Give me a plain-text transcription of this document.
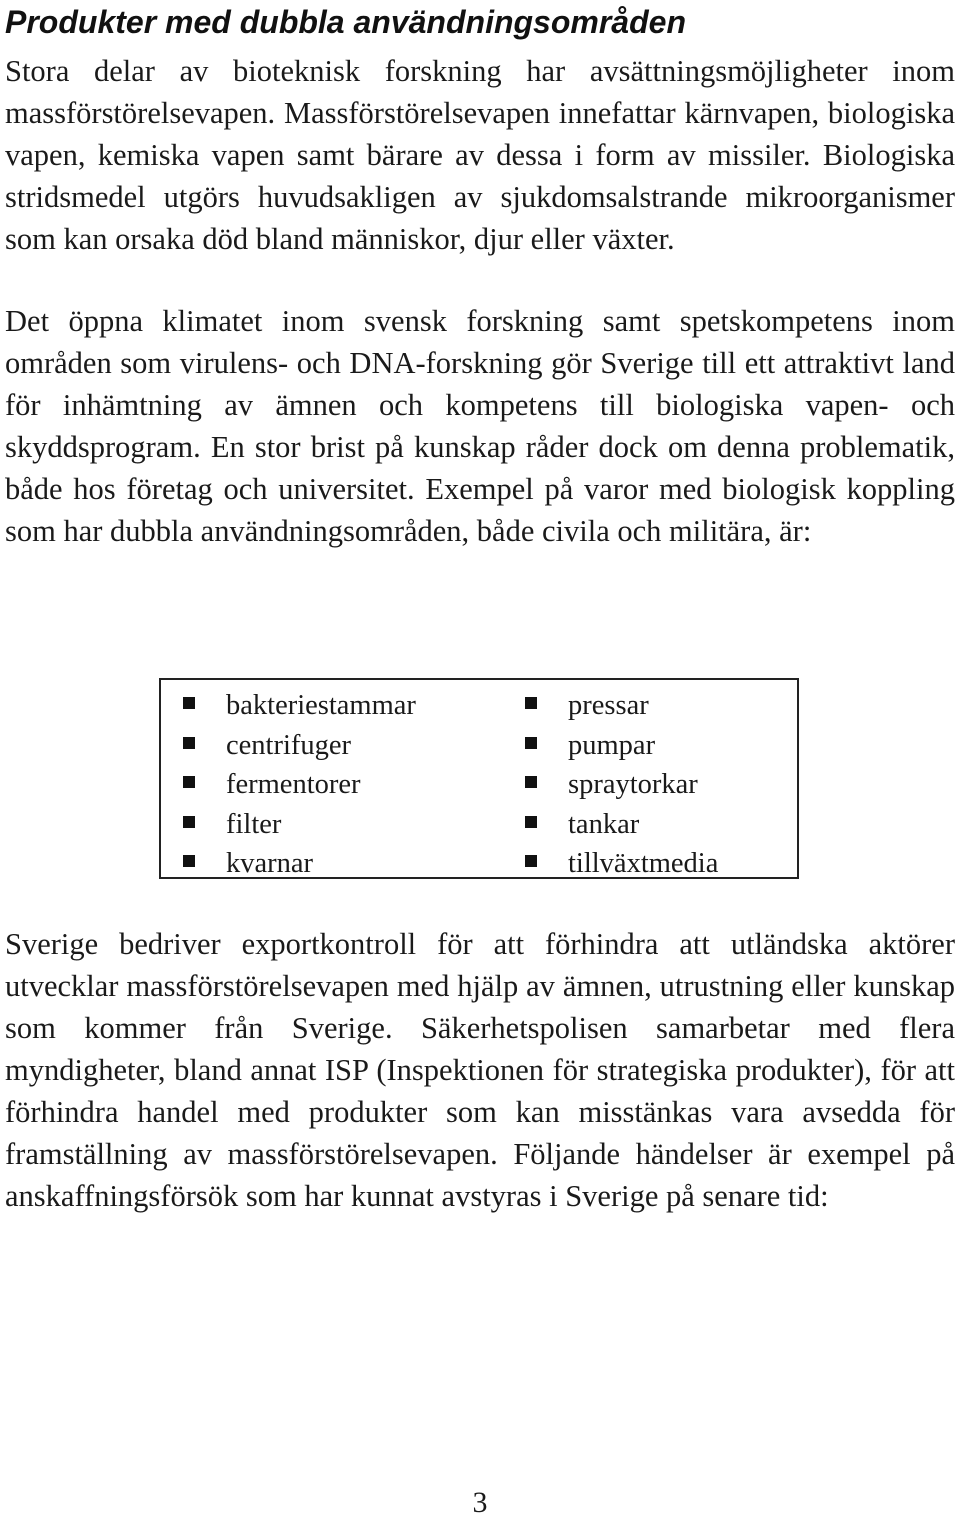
Produkter med dubbla användningsområden

Stora delar av bioteknisk forskning har avsättningsmöjligheter inom massförstörelsevapen. Massförstörelsevapen innefattar kärnvapen, biologiska vapen, kemiska vapen samt bärare av dessa i form av missiler. Biologiska stridsmedel utgörs huvudsakligen av sjukdomsalstrande mikroorganismer som kan orsaka död bland människor, djur eller växter.

Det öppna klimatet inom svensk forskning samt spetskompetens inom områden som virulens- och DNA-forskning gör Sverige till ett attraktivt land för inhämtning av ämnen och kompetens till biologiska vapen- och skyddsprogram. En stor brist på kunskap råder dock om denna problematik, både hos företag och universitet. Exempel på varor med biologisk koppling som har dubbla användningsområden, både civila och militära, är:

bakteriestammar
centrifuger
fermentorer
filter
kvarnar
pressar
pumpar
spraytorkar
tankar
tillväxtmedia

Sverige bedriver exportkontroll för att förhindra att utländska aktörer utvecklar massförstörelsevapen med hjälp av ämnen, utrustning eller kunskap som kommer från Sverige. Säkerhetspolisen samarbetar med flera myndigheter, bland annat ISP (Inspektionen för strategiska produkter), för att förhindra handel med produkter som kan misstänkas vara avsedda för framställning av massförstörelsevapen. Följande händelser är exempel på anskaffningsförsök som har kunnat avstyras i Sverige på senare tid:

3
